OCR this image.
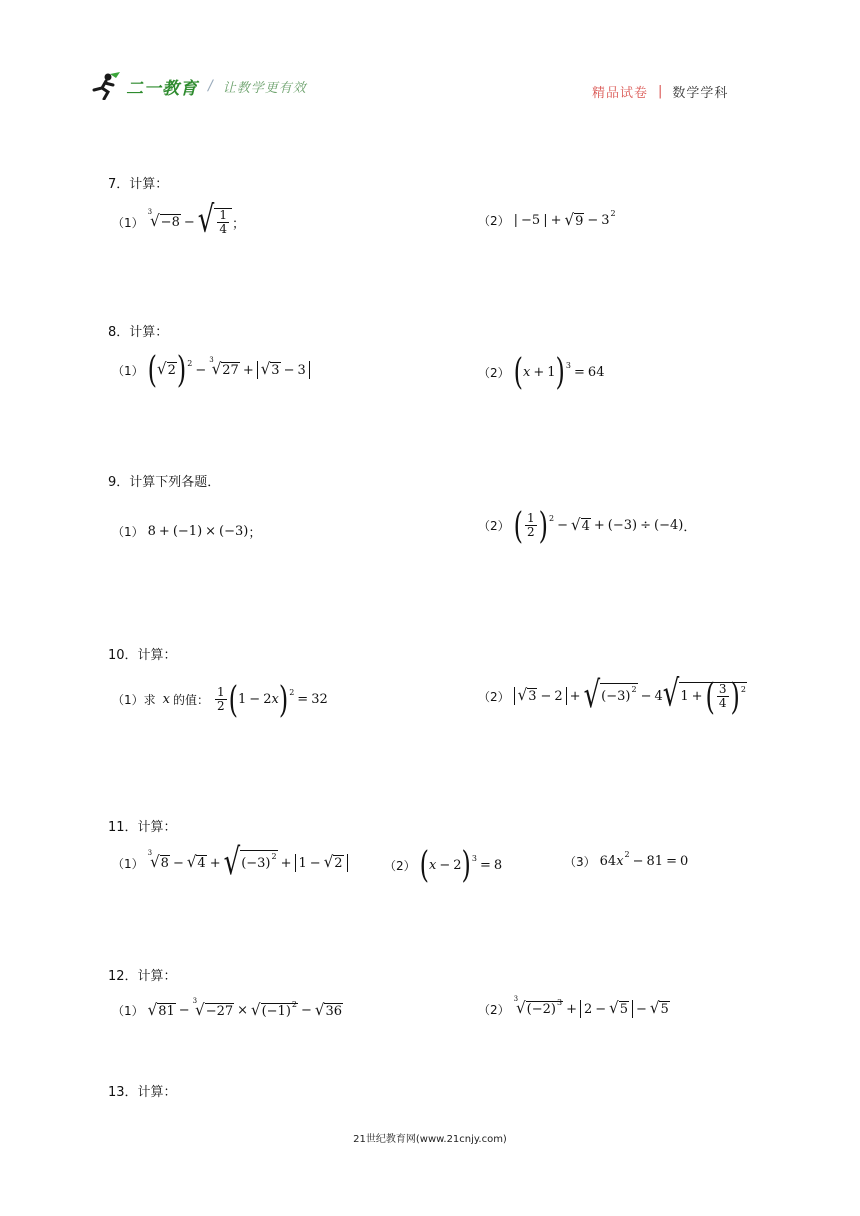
二一教育 / 让教学更有效	精品试卷 | 数学学科
7．计算：
（1）
3
√ −8 − √ $\frac{1}{4}$ ；	（2） | −5 | + √ 9 − 3 2
8．计算：
（1） ( √ 2 ) 2 −
3
√ 27 + √ 3 − 3	（2） ( x + 1 ) 3 = 64
9．计算下列各题．
（1） 8 + (−1) × (−3) ；	（2） ( $\frac{1}{2}$ ) 2 − √ 4 + (−3) ÷ (−4) ．
10．计算：
（1）求 x 的值： $\frac{1}{2}$ ( 1 − 2 x ) 2 = 32	（2） √ 3 − 2 + √ (−3) 2 − 4 √ 1 + ( $\frac{3}{4}$ ) 2
11．计算：
（1）
3
√ 8 − √ 4 + √ (−3) 2 + 1 − √ 2	（2） ( x − 2 ) 3 = 8	（3） 64 x 2 − 81 = 0
12．计算：
（1） √ 81 −
3
√ −27 × √ (−1) 2 − √ 36	（2）
3
√ (−2) 3 + 2 − √ 5 − √ 5
13．计算：
21世纪教育网(www.21cnjy.com)
